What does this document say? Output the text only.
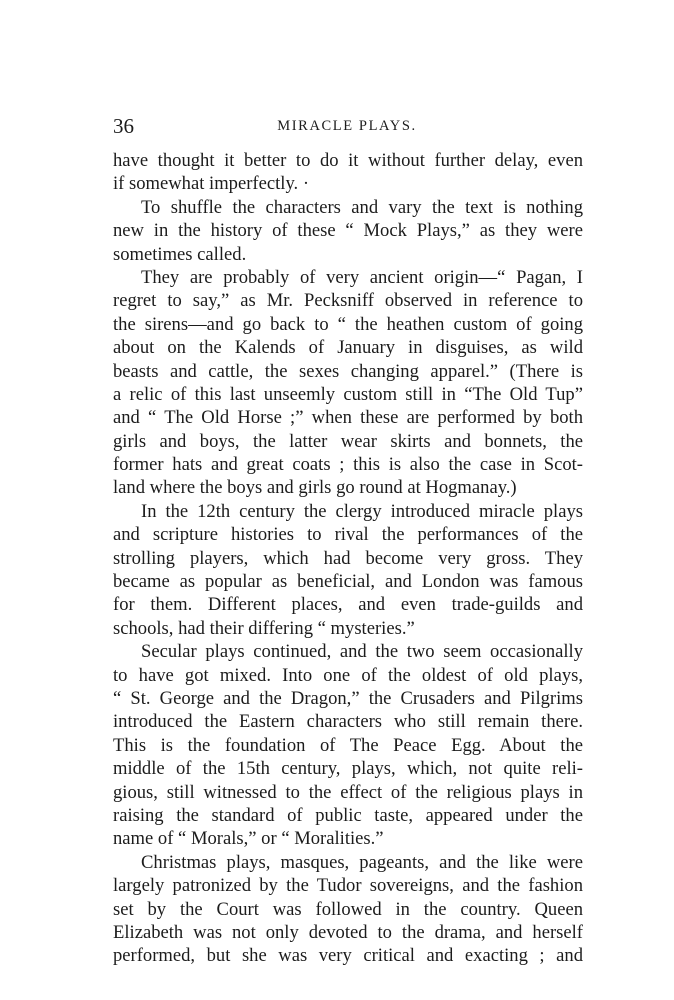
36	MIRACLE PLAYS.
have thought it better to do it without further delay, even
if somewhat imperfectly. ·
To shuffle the characters and vary the text is nothing
new in the history of these “ Mock Plays,” as they were
sometimes called.
They are probably of very ancient origin—“ Pagan, I
regret to say,” as Mr. Pecksniff observed in reference to
the sirens—and go back to “ the heathen custom of going
about on the Kalends of January in disguises, as wild
beasts and cattle, the sexes changing apparel.” (There is
a relic of this last unseemly custom still in “The Old Tup”
and “ The Old Horse ;” when these are performed by both
girls and boys, the latter wear skirts and bonnets, the
former hats and great coats ; this is also the case in Scot-
land where the boys and girls go round at Hogmanay.)
In the 12th century the clergy introduced miracle plays
and scripture histories to rival the performances of the
strolling players, which had become very gross. They
became as popular as beneficial, and London was famous
for them. Different places, and even trade-guilds and
schools, had their differing “ mysteries.”
Secular plays continued, and the two seem occasionally
to have got mixed. Into one of the oldest of old plays,
“ St. George and the Dragon,” the Crusaders and Pilgrims
introduced the Eastern characters who still remain there.
This is the foundation of The Peace Egg. About the
middle of the 15th century, plays, which, not quite reli-
gious, still witnessed to the effect of the religious plays in
raising the standard of public taste, appeared under the
name of “ Morals,” or “ Moralities.”
Christmas plays, masques, pageants, and the like were
largely patronized by the Tudor sovereigns, and the fashion
set by the Court was followed in the country. Queen
Elizabeth was not only devoted to the drama, and herself
performed, but she was very critical and exacting ; and
